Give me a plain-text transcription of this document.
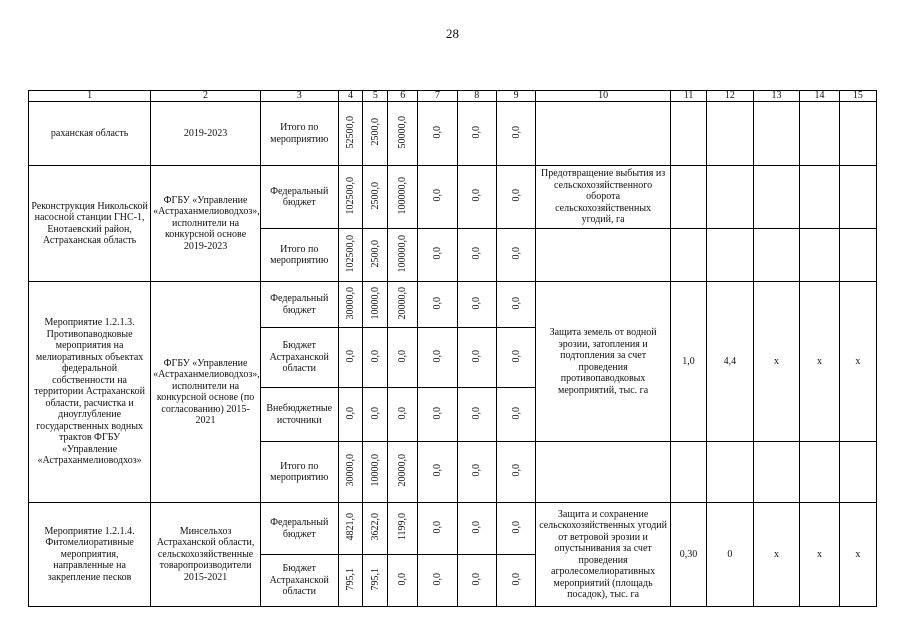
28
1	2	3	4	5	6	7	8	9	10	11	12	13	14	15
раханская область	2019-2023	Итого по мероприятию	52500,0	2500,0	50000,0	0,0	0,0	0,0						
Реконструкция Никольской насосной станции ГНС-1, Енотаевский район, Астраханская область	ФГБУ «Управление «Астраханмелиоводхоз», исполнители на конкурсной основе 2019-2023	Федеральный бюджет	102500,0	2500,0	100000,0	0,0	0,0	0,0	Предотвращение выбытия из сельскохозяйственного оборота сельскохозяйственных угодий, га					
		Итого по мероприятию	102500,0	2500,0	100000,0	0,0	0,0	0,0						
Мероприятие 1.2.1.3. Противопаводковые мероприятия на мелиоративных объектах федеральной собственности на территории Астраханской области, расчистка и дноуглубление государственных водных трактов ФГБУ «Управление «Астраханмелиоводхоз»	ФГБУ «Управление «Астраханмелиоводхоз», исполнители на конкурсной основе (по согласованию) 2015-2021	Федеральный бюджет	30000,0	10000,0	20000,0	0,0	0,0	0,0	Защита земель от водной эрозии, затопления и подтопления за счет проведения противопаводковых мероприятий, тыс. га	1,0	4,4	x	x	x
		Бюджет Астраханской области	0,0	0,0	0,0	0,0	0,0	0,0						
		Внебюджетные источники	0,0	0,0	0,0	0,0	0,0	0,0						
		Итого по мероприятию	30000,0	10000,0	20000,0	0,0	0,0	0,0						
Мероприятие 1.2.1.4. Фитомелиоративные мероприятия, направленные на закрепление песков	Минсельхоз Астраханской области, сельскохозяйственные товаропроизводители 2015-2021	Федеральный бюджет	4821,0	3622,0	1199,0	0,0	0,0	0,0	Защита и сохранение сельскохозяйственных угодий от ветровой эрозии и опустынивания за счет проведения агролесомелиоративных мероприятий (площадь посадок), тыс. га	0,30	0	x	x	x
		Бюджет Астраханской области	795,1	795,1	0,0	0,0	0,0	0,0						
